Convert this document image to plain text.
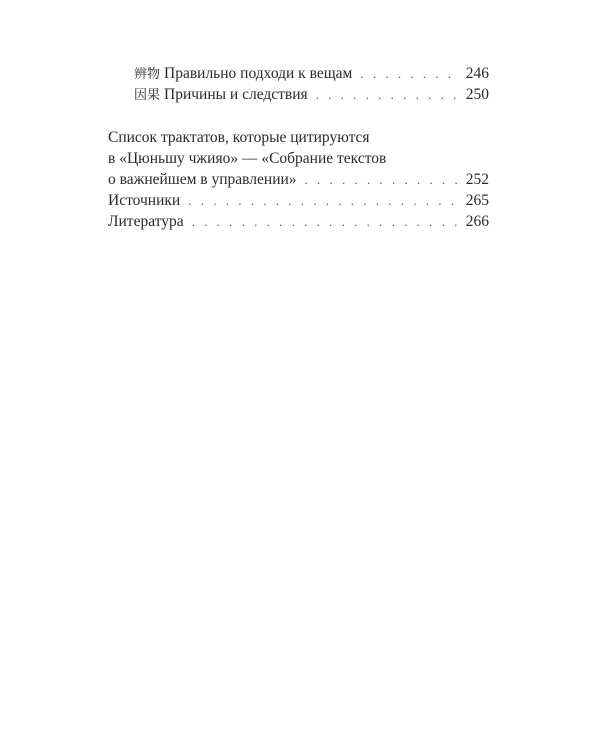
辨物 Правильно подходи к вещам . . .	246
因果 Причины и следствия . . .	250
Список трактатов, которые цитируются
в «Цюньшу чжияо» — «Собрание текстов
о важнейшем в управлении» . . .	252
Источники . . .	265
Литература . . .	266
